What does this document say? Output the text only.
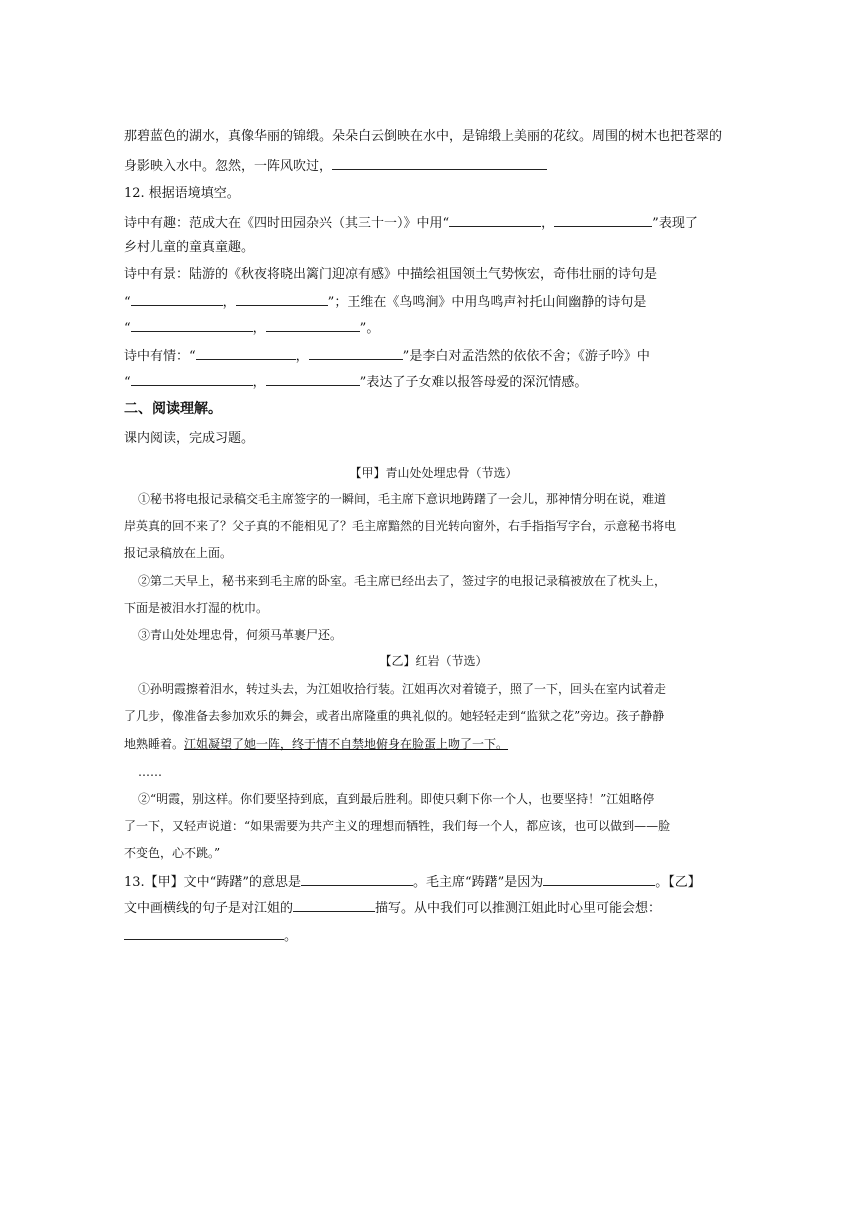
那碧蓝色的湖水，真像华丽的锦缎。朵朵白云倒映在水中，是锦缎上美丽的花纹。周围的树木也把苍翠的
身影映入水中。忽然，一阵风吹过，
12. 根据语境填空。
诗中有趣：范成大在《四时田园杂兴（其三十一）》中用“	，	”表现了
乡村儿童的童真童趣。
诗中有景：陆游的《秋夜将晓出篱门迎凉有感》中描绘祖国领土气势恢宏，奇伟壮丽的诗句是
“	，	”；王维在《鸟鸣涧》中用鸟鸣声衬托山间幽静的诗句是
“	，	”。
诗中有情：“	，	”是李白对孟浩然的依依不舍；《游子吟》中
“	，	”表达了子女难以报答母爱的深沉情感。
二、阅读理解。
课内阅读，完成习题。
【甲】青山处处埋忠骨（节选）
①秘书将电报记录稿交毛主席签字的一瞬间，毛主席下意识地踌躇了一会儿，那神情分明在说，难道
岸英真的回不来了？父子真的不能相见了？毛主席黯然的目光转向窗外，右手指指写字台，示意秘书将电
报记录稿放在上面。
②第二天早上，秘书来到毛主席的卧室。毛主席已经出去了，签过字的电报记录稿被放在了枕头上，
下面是被泪水打湿的枕巾。
③青山处处埋忠骨，何须马革裹尸还。
【乙】红岩（节选）
①孙明霞擦着泪水，转过头去，为江姐收拾行装。江姐再次对着镜子，照了一下，回头在室内试着走
了几步，像准备去参加欢乐的舞会，或者出席隆重的典礼似的。她轻轻走到“监狱之花”旁边。孩子静静
地熟睡着。江姐凝望了她一阵，终于情不自禁地俯身在脸蛋上吻了一下。
……
②“明霞，别这样。你们要坚持到底，直到最后胜利。即使只剩下你一个人，也要坚持！”江姐略停
了一下，又轻声说道：“如果需要为共产主义的理想而牺牲，我们每一个人，都应该，也可以做到——脸
不变色，心不跳。”
13.【甲】文中“踌躇”的意思是	。毛主席“踌躇”是因为	。【乙】
文中画横线的句子是对江姐的	描写。从中我们可以推测江姐此时心里可能会想：
。
